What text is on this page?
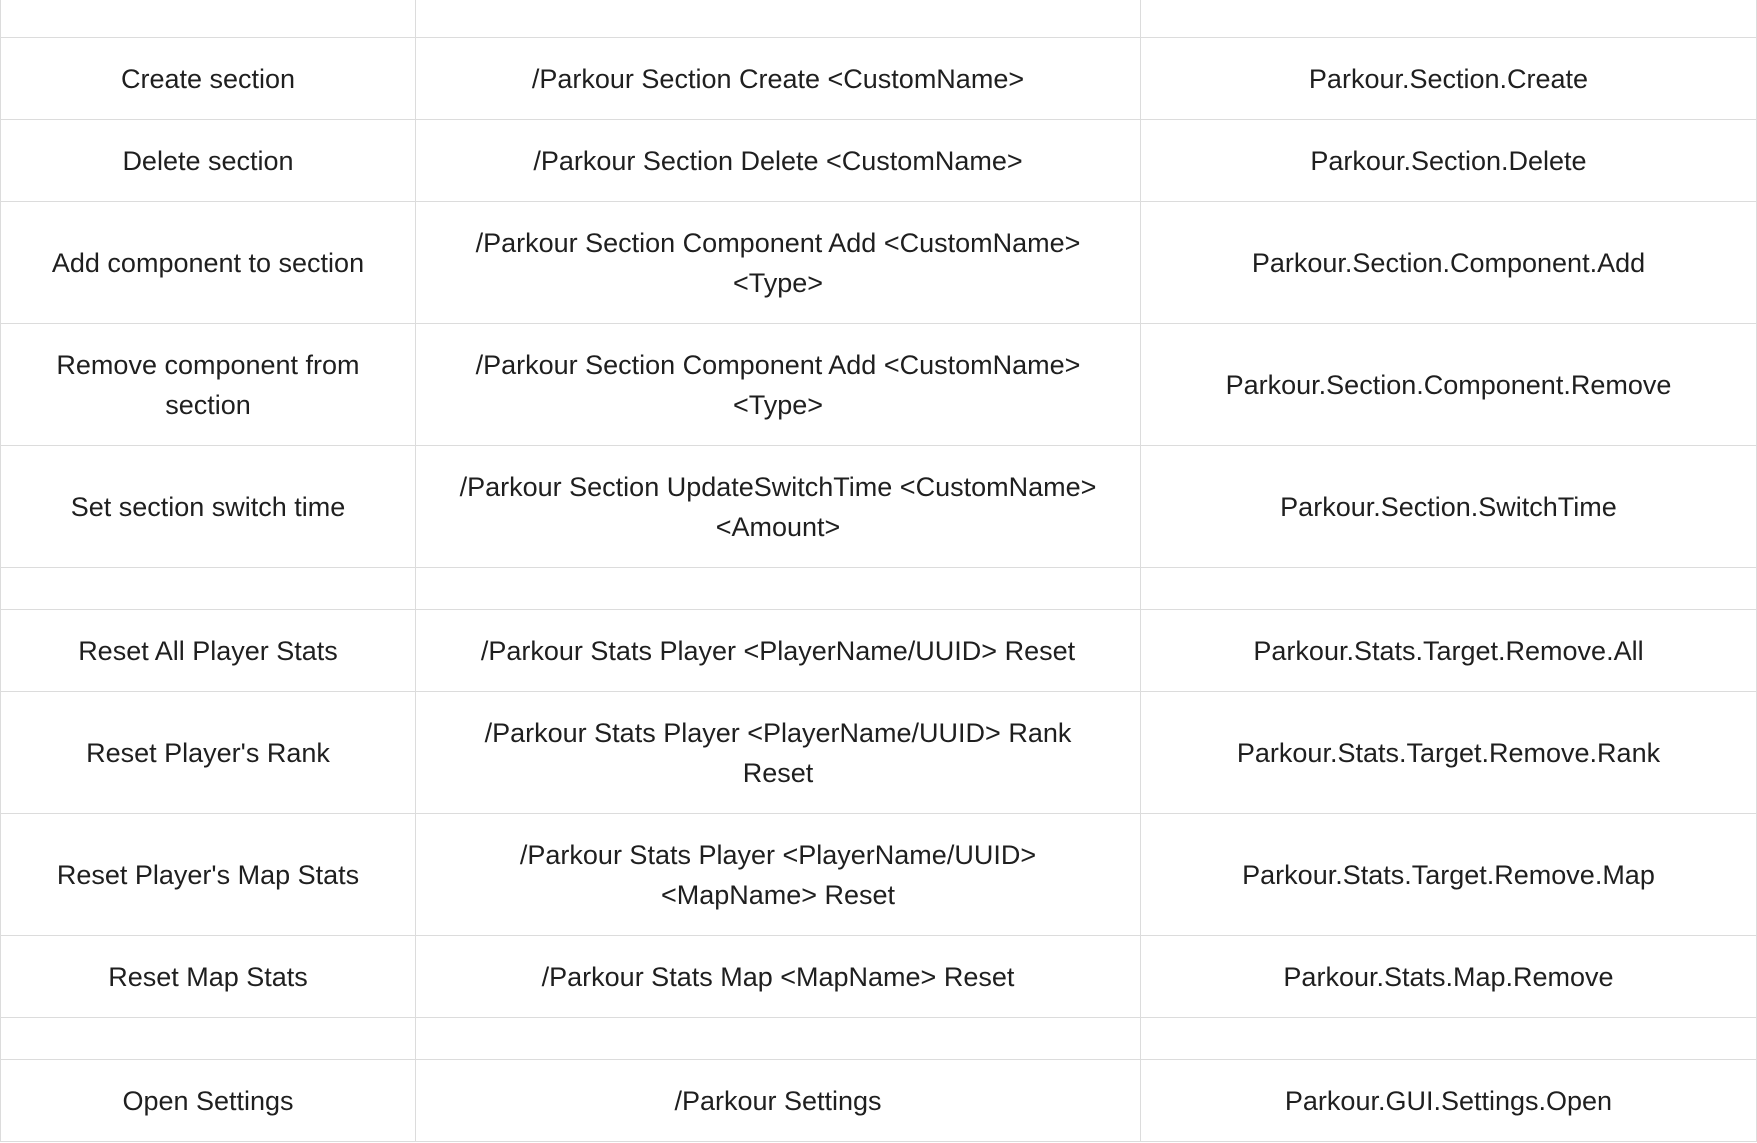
Create section	/Parkour Section Create <CustomName>	Parkour.Section.Create
Delete section	/Parkour Section Delete <CustomName>	Parkour.Section.Delete
Add component to section	/Parkour Section Component Add <CustomName> <Type>	Parkour.Section.Component.Add
Remove component from section	/Parkour Section Component Add <CustomName> <Type>	Parkour.Section.Component.Remove
Set section switch time	/Parkour Section UpdateSwitchTime <CustomName> <Amount>	Parkour.Section.SwitchTime

Reset All Player Stats	/Parkour Stats Player <PlayerName/UUID> Reset	Parkour.Stats.Target.Remove.All
Reset Player's Rank	/Parkour Stats Player <PlayerName/UUID> Rank Reset	Parkour.Stats.Target.Remove.Rank
Reset Player's Map Stats	/Parkour Stats Player <PlayerName/UUID> <MapName> Reset	Parkour.Stats.Target.Remove.Map
Reset Map Stats	/Parkour Stats Map <MapName> Reset	Parkour.Stats.Map.Remove

Open Settings	/Parkour Settings	Parkour.GUI.Settings.Open
